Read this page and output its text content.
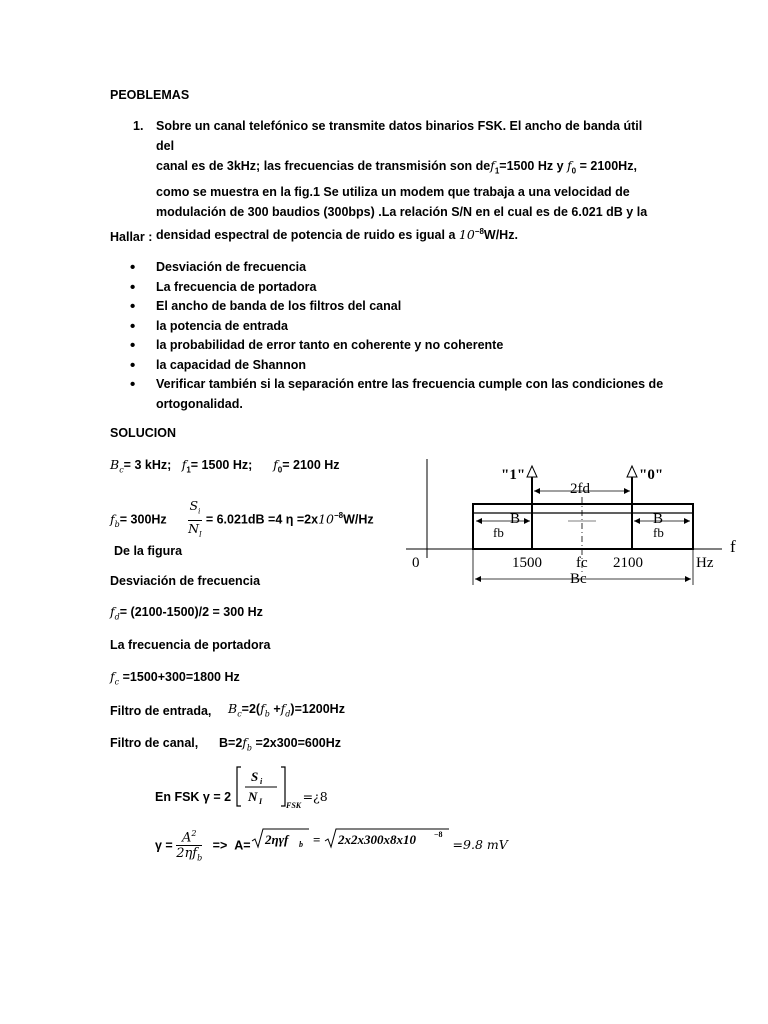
PEOBLEMAS
1. Sobre un canal telefónico se transmite datos binarios FSK. El ancho de banda útil del
canal es de 3kHz; las frecuencias de transmisión son def$_1$=1500 Hz y $f_0 = 2100Hz$,
como se muestra en la fig.1 Se utiliza un modem que trabaja a una velocidad de
modulación de 300 baudios (300bps) .La relación S/N en el cual es de 6.021 dB y la
densidad espectral de potencia de ruido es igual a $10^{-8}W/Hz$.
Hallar :
• Desviación de frecuencia
• La frecuencia de portadora
• El ancho de banda de los filtros del canal
• la potencia de entrada
• la probabilidad de error tanto en coherente y no coherente
• la capacidad de Shannon
• Verificar también si la separación entre las frecuencia cumple con las condiciones de ortogonalidad.
SOLUCION
$B_c= 3$ kHz; $f_1= 1500$ Hz; $f_0= 2100$ Hz
$f_b= 300Hz \frac{S_i}{N_I} = 6.021dB =4$ $\eta =2x10^{-8}W/Hz$
De la figura
Desviación de frecuencia
$f_d= (2100-1500)/2 = 300$ Hz
La frecuencia de portadora
$f_c =1500+300=1800$ Hz
Filtro de entrada, $B_c=2(f_b +f_d)=1200Hz$
Filtro de canal, $B=2f_b =2x300=600Hz$
En FSK γ = 2
S i
N I	FSK
=¿8
$\gamma = \frac{A^2}{2\eta f_b} => A= 2\eta\gamma f$ b = 2x2x300x8x10 −8
=9.8 mV
"1"	"0"
2fd
B	B
fb	fb
0	1500 fc 2100	Hz
f
Bc
